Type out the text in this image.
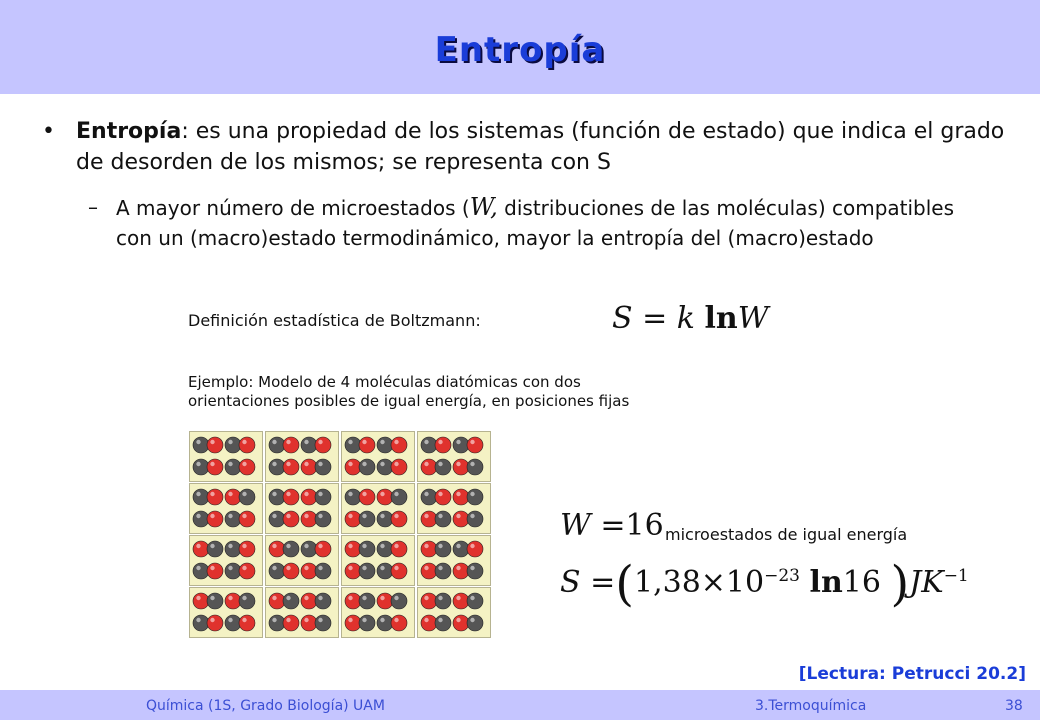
Entropía
• Entropía: es una propiedad de los sistemas (función de estado) que indica el grado de desorden de los mismos; se representa con S
– A mayor número de microestados (W, distribuciones de las moléculas) compatibles con un (macro)estado termodinámico, mayor la entropía del (macro)estado
Definición estadística de Boltzmann:	S = k lnW
Ejemplo: Modelo de 4 moléculas diatómicas con dos
orientaciones posibles de igual energía, en posiciones fijas
W =16 microestados de igual energía
$S =(1,38\times 10^{-23}$ ln16 )$JK^{-1}$
[Lectura: Petrucci 20.2]
Química (1S, Grado Biología) UAM	3.Termoquímica	38
